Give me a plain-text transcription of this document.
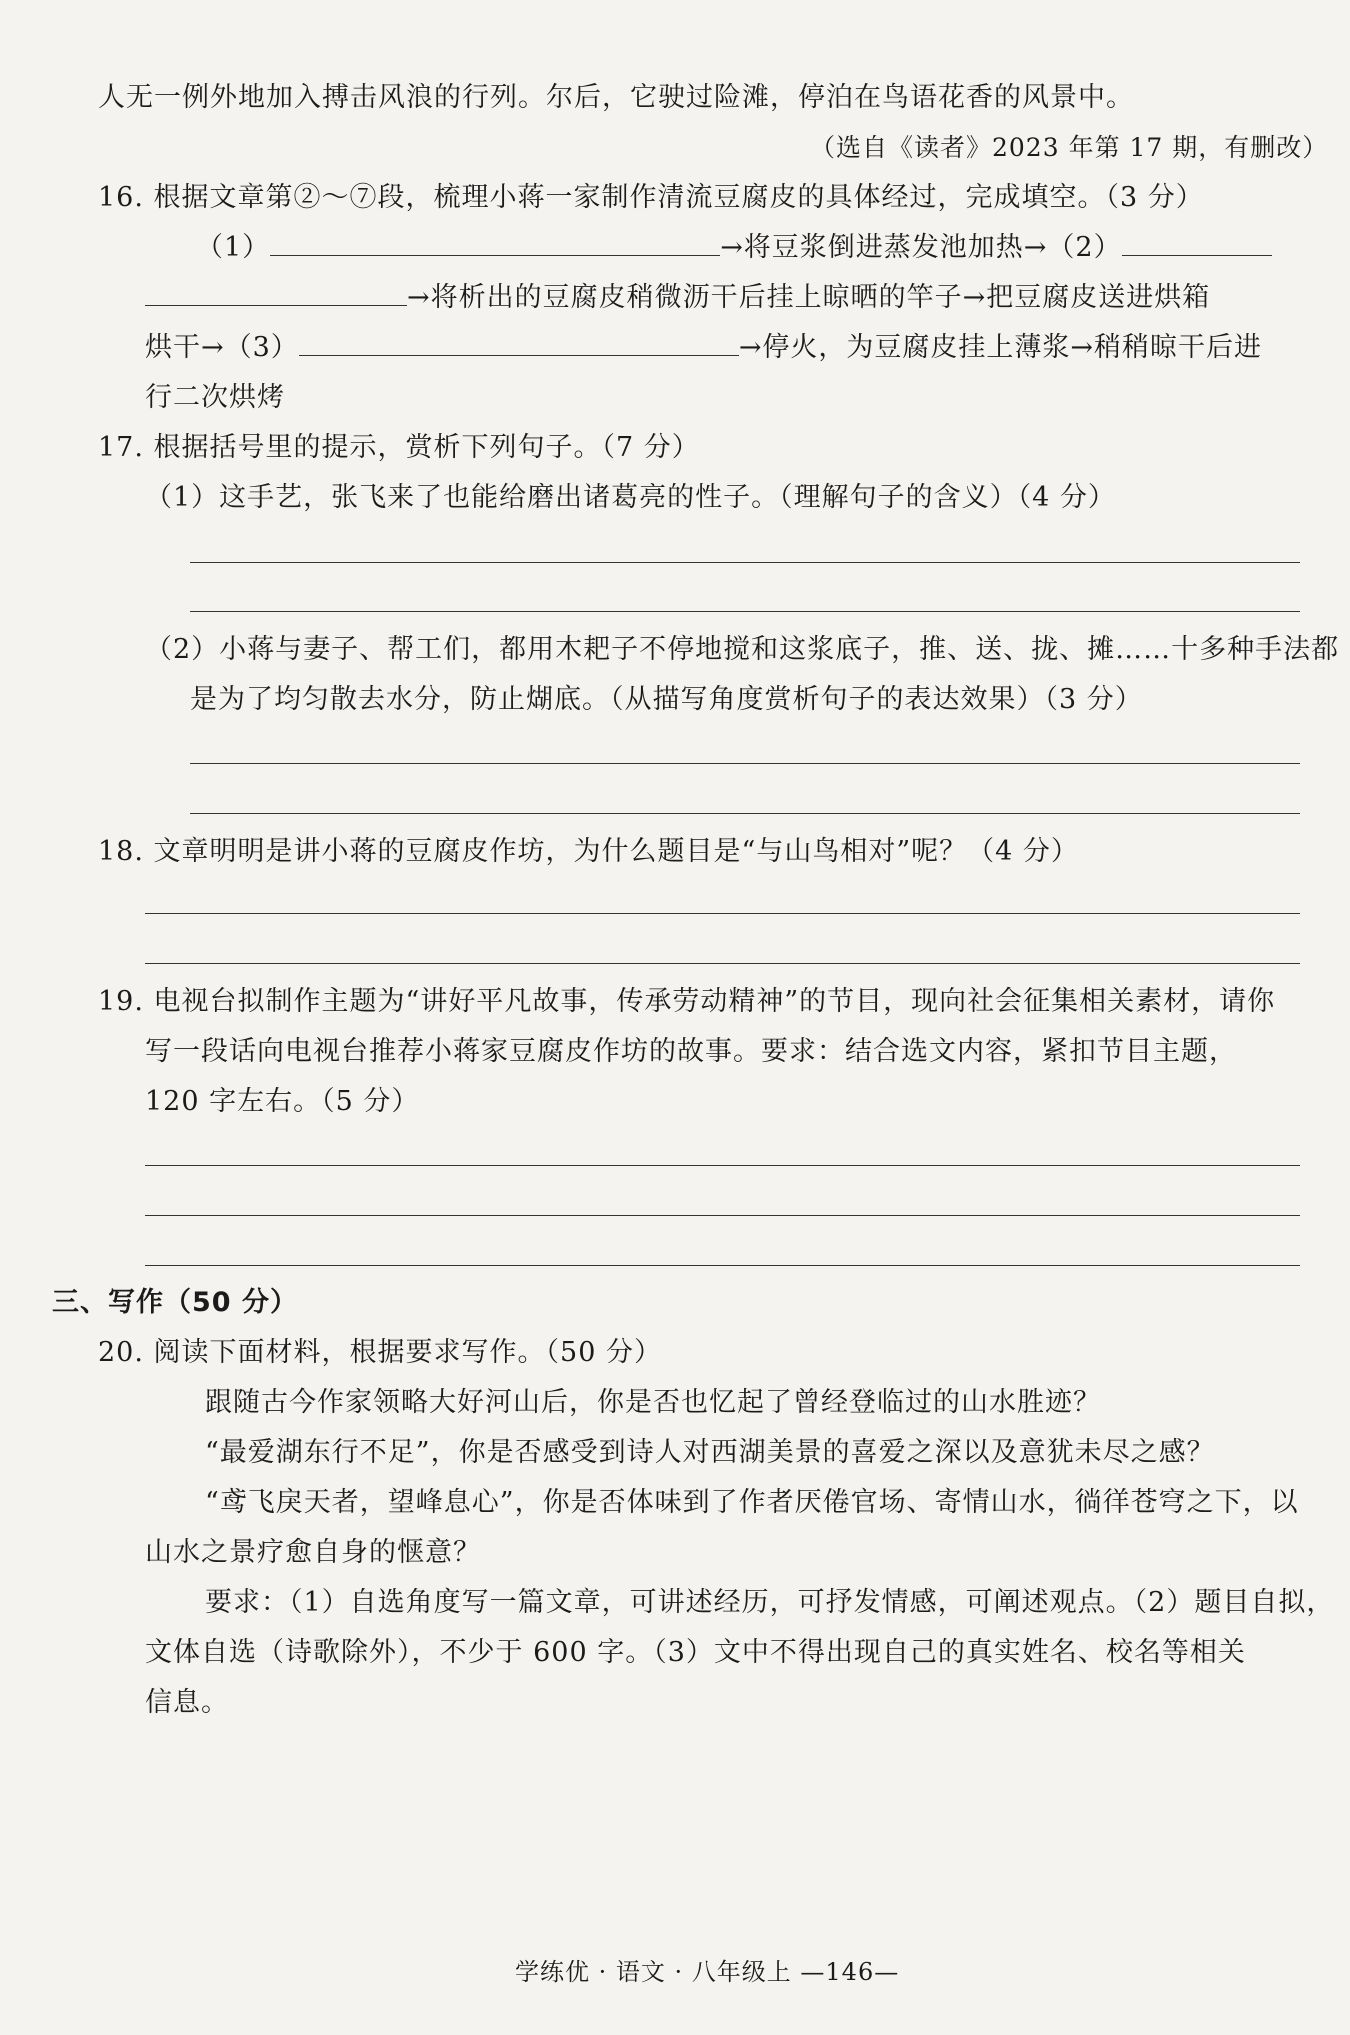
人无一例外地加入搏击风浪的行列。尔后，它驶过险滩，停泊在鸟语花香的风景中。
（选自《读者》2023 年第 17 期，有删改）
16. 根据文章第②～⑦段，梳理小蒋一家制作清流豆腐皮的具体经过，完成填空。（3 分）
（1）	→将豆浆倒进蒸发池加热→（2）
→将析出的豆腐皮稍微沥干后挂上晾晒的竿子→把豆腐皮送进烘箱
烘干→（3）	→停火，为豆腐皮挂上薄浆→稍稍晾干后进
行二次烘烤
17. 根据括号里的提示，赏析下列句子。（7 分）
（1）这手艺，张飞来了也能给磨出诸葛亮的性子。（理解句子的含义）（4 分）
（2）小蒋与妻子、帮工们，都用木耙子不停地搅和这浆底子，推、送、拢、摊……十多种手法都
是为了均匀散去水分，防止煳底。（从描写角度赏析句子的表达效果）（3 分）
18. 文章明明是讲小蒋的豆腐皮作坊，为什么题目是“与山鸟相对”呢？（4 分）
19. 电视台拟制作主题为“讲好平凡故事，传承劳动精神”的节目，现向社会征集相关素材，请你
写一段话向电视台推荐小蒋家豆腐皮作坊的故事。要求：结合选文内容，紧扣节目主题，
120 字左右。（5 分）
三、写作（50 分）
20. 阅读下面材料，根据要求写作。（50 分）
跟随古今作家领略大好河山后，你是否也忆起了曾经登临过的山水胜迹？
“最爱湖东行不足”，你是否感受到诗人对西湖美景的喜爱之深以及意犹未尽之感？
“鸢飞戾天者，望峰息心”，你是否体味到了作者厌倦官场、寄情山水，徜徉苍穹之下，以
山水之景疗愈自身的惬意？
要求：（1）自选角度写一篇文章，可讲述经历，可抒发情感，可阐述观点。（2）题目自拟，
文体自选（诗歌除外），不少于 600 字。（3）文中不得出现自己的真实姓名、校名等相关
信息。
学练优 · 语文 · 八年级上 —146—
